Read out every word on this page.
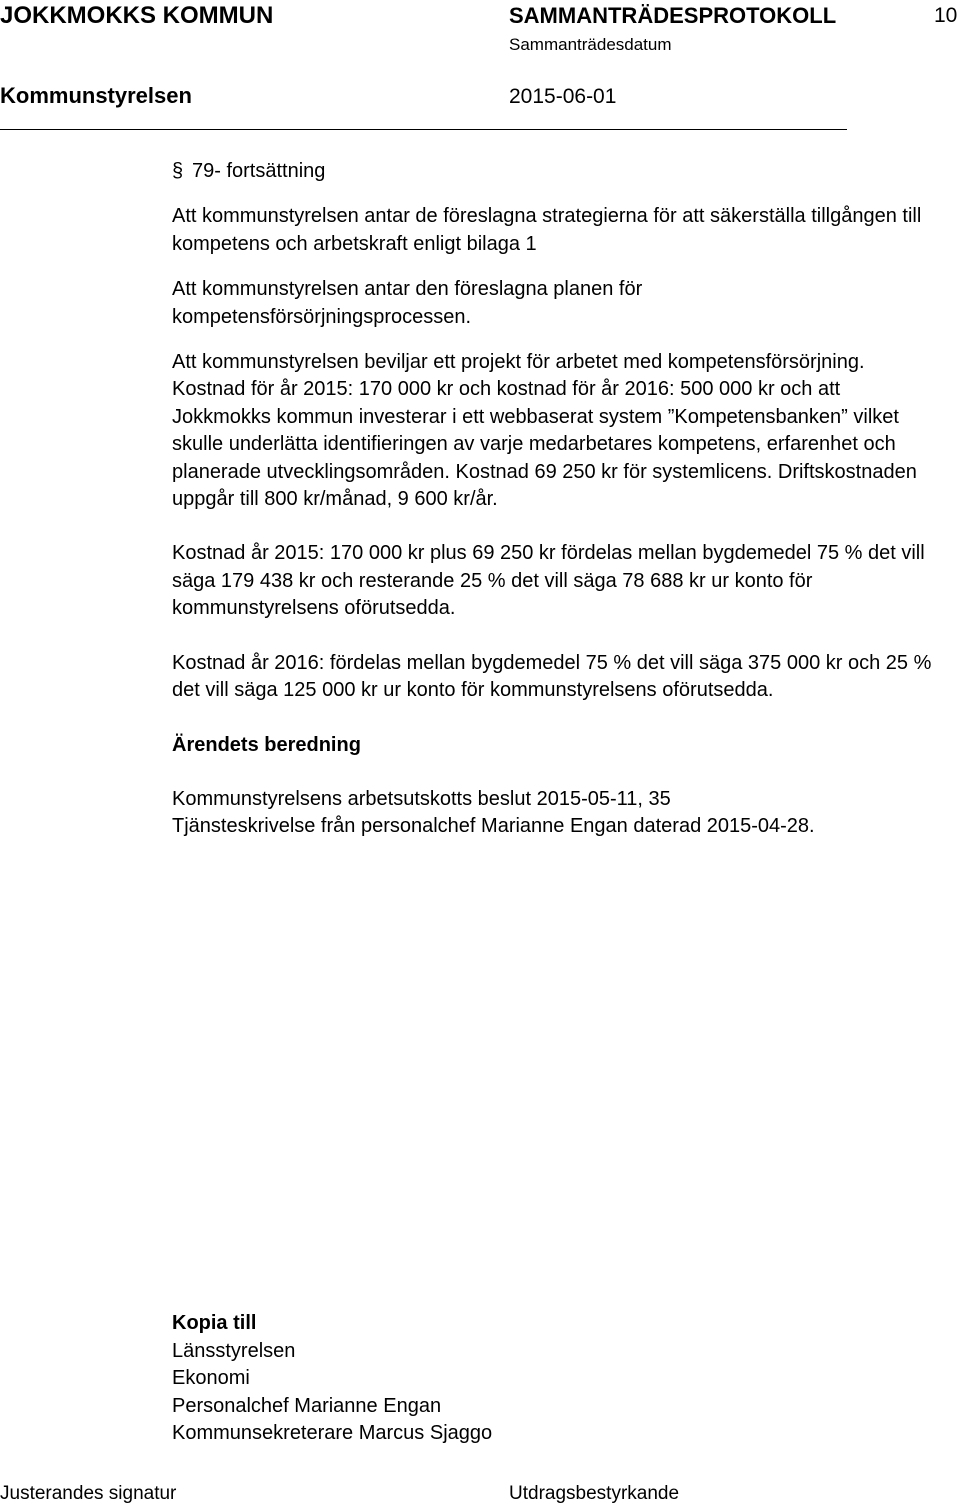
JOKKMOKKS KOMMUN	SAMMANTRÄDESPROTOKOLL	10
Sammanträdesdatum
Kommunstyrelsen	2015-06-01

§ 79- fortsättning

Att kommunstyrelsen antar de föreslagna strategierna för att säkerställa tillgången till kompetens och arbetskraft enligt bilaga 1

Att kommunstyrelsen antar den föreslagna planen för kompetensförsörjningsprocessen.

Att kommunstyrelsen beviljar ett projekt för arbetet med kompetensförsörjning. Kostnad för år 2015: 170 000 kr och kostnad för år 2016: 500 000 kr och att Jokkmokks kommun investerar i ett webbaserat system ”Kompetensbanken” vilket skulle underlätta identifieringen av varje medarbetares kompetens, erfarenhet och planerade utvecklingsområden. Kostnad 69 250 kr för systemlicens. Driftskostnaden uppgår till 800 kr/månad, 9 600 kr/år.

Kostnad år 2015: 170 000 kr plus 69 250 kr fördelas mellan bygdemedel 75 % det vill säga 179 438 kr och resterande 25 % det vill säga 78 688 kr ur konto för kommunstyrelsens oförutsedda.

Kostnad år 2016: fördelas mellan bygdemedel 75 % det vill säga 375 000 kr och 25 % det vill säga 125 000 kr ur konto för kommunstyrelsens oförutsedda.

Ärendets beredning

Kommunstyrelsens arbetsutskotts beslut 2015-05-11, 35

Tjänsteskrivelse från personalchef Marianne Engan daterad 2015-04-28.

Kopia till
Länsstyrelsen
Ekonomi
Personalchef Marianne Engan
Kommunsekreterare Marcus Sjaggo
Justerandes signatur	Utdragsbestyrkande
